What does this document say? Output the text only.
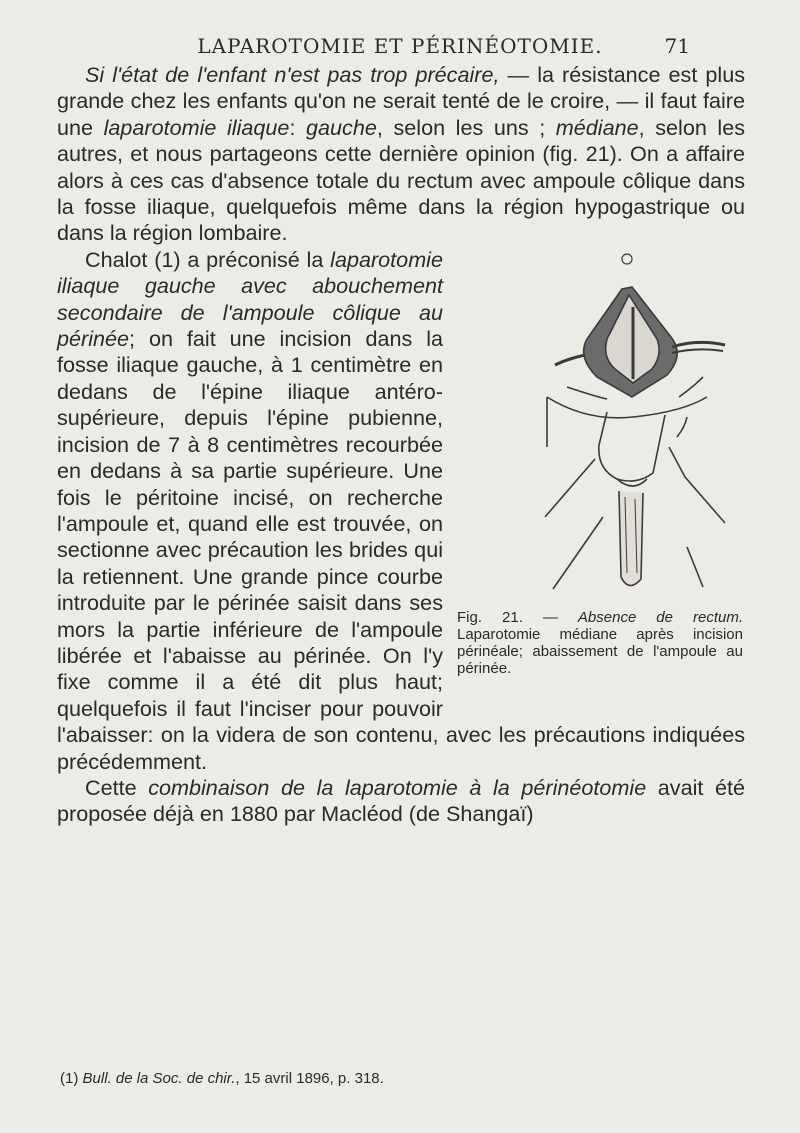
LAPAROTOMIE ET PÉRINÉOTOMIE.	71

Si l'état de l'enfant n'est pas trop précaire, — la résistance est plus grande chez les enfants qu'on ne serait tenté de le croire, — il faut faire une laparotomie iliaque: gauche, selon les uns ; médiane, selon les autres, et nous partageons cette dernière opinion (fig. 21). On a affaire alors à ces cas d'absence totale du rectum avec ampoule côlique dans la fosse iliaque, quelquefois même dans la région hypogastrique ou dans la région lombaire.

Fig. 21. — Absence de rectum. Laparotomie médiane après incision périnéale; abaissement de l'ampoule au périnée.

Chalot (1) a préconisé la laparotomie iliaque gauche avec abouchement secondaire de l'ampoule côlique au périnée; on fait une incision dans la fosse iliaque gauche, à 1 centimètre en dedans de l'épine iliaque antéro-supérieure, depuis l'épine pubienne, incision de 7 à 8 centimètres recourbée en dedans à sa partie supérieure. Une fois le péritoine incisé, on recherche l'ampoule et, quand elle est trouvée, on sectionne avec précaution les brides qui la retiennent. Une grande pince courbe introduite par le périnée saisit dans ses mors la partie inférieure de l'ampoule libérée et l'abaisse au périnée. On l'y fixe comme il a été dit plus haut; quelquefois il faut l'inciser pour pouvoir l'abaisser: on la videra de son contenu, avec les précautions indiquées précédemment.

Cette combinaison de la laparotomie à la périnéotomie avait été proposée déjà en 1880 par Macléod (de Shangaï)

(1) Bull. de la Soc. de chir., 15 avril 1896, p. 318.
